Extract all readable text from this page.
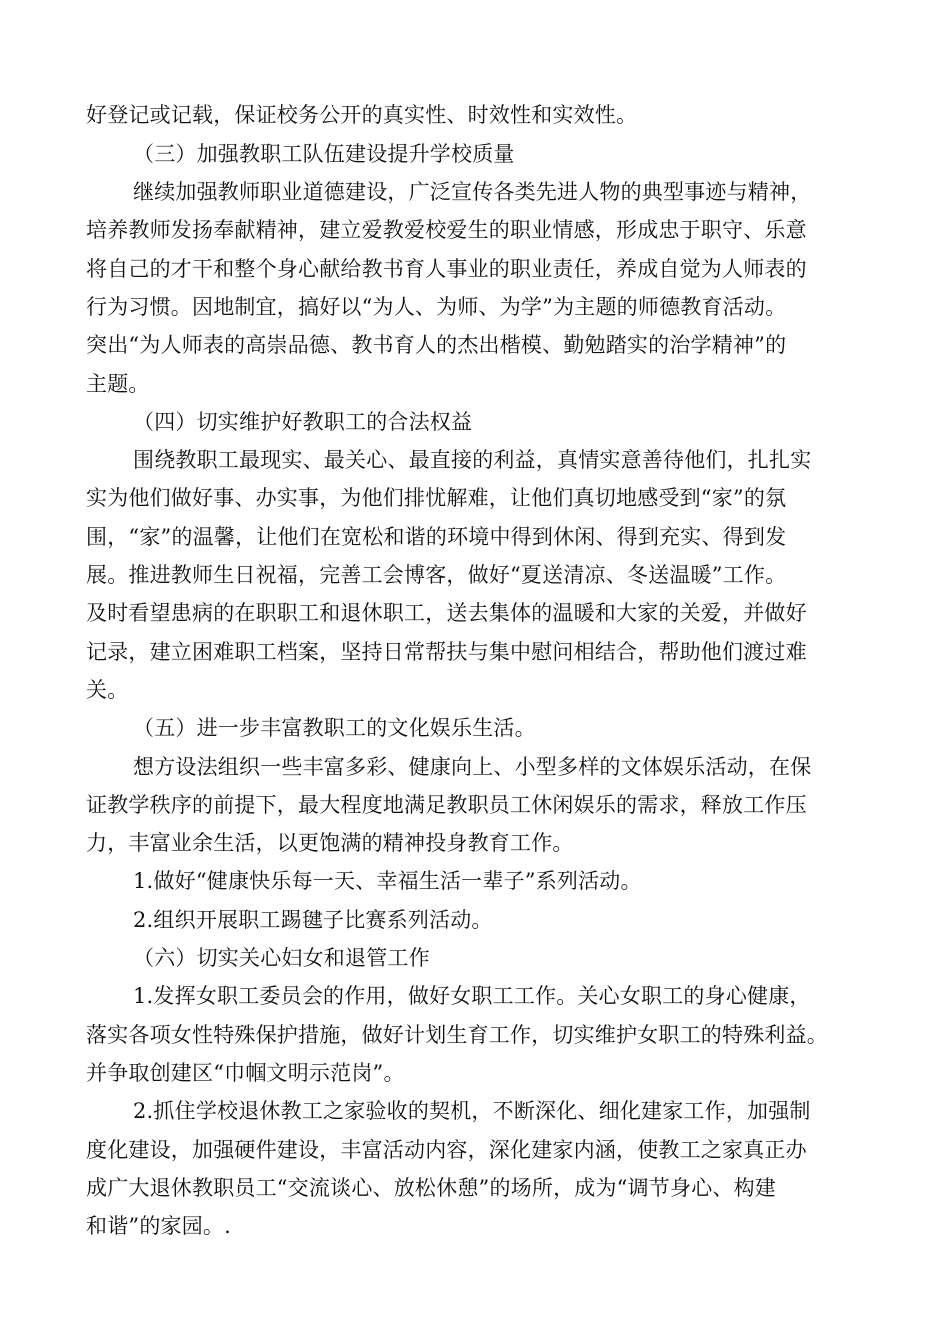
好登记或记载，保证校务公开的真实性、时效性和实效性。
（三）加强教职工队伍建设提升学校质量
继续加强教师职业道德建设，广泛宣传各类先进人物的典型事迹与精神，
培养教师发扬奉献精神，建立爱教爱校爱生的职业情感，形成忠于职守、乐意
将自己的才干和整个身心献给教书育人事业的职业责任，养成自觉为人师表的
行为习惯。因地制宜，搞好以“为人、为师、为学”为主题的师德教育活动。
突出“为人师表的高崇品德、教书育人的杰出楷模、勤勉踏实的治学精神”的
主题。
（四）切实维护好教职工的合法权益
围绕教职工最现实、最关心、最直接的利益，真情实意善待他们，扎扎实
实为他们做好事、办实事，为他们排忧解难，让他们真切地感受到“家”的氛
围，“家”的温馨，让他们在宽松和谐的环境中得到休闲、得到充实、得到发
展。推进教师生日祝福，完善工会博客，做好“夏送清凉、冬送温暖”工作。
及时看望患病的在职职工和退休职工，送去集体的温暖和大家的关爱，并做好
记录，建立困难职工档案，坚持日常帮扶与集中慰问相结合，帮助他们渡过难
关。
（五）进一步丰富教职工的文化娱乐生活。
想方设法组织一些丰富多彩、健康向上、小型多样的文体娱乐活动，在保
证教学秩序的前提下，最大程度地满足教职员工休闲娱乐的需求，释放工作压
力，丰富业余生活，以更饱满的精神投身教育工作。
1.做好“健康快乐每一天、幸福生活一辈子”系列活动。
2.组织开展职工踢毽子比赛系列活动。
（六）切实关心妇女和退管工作
1.发挥女职工委员会的作用，做好女职工工作。关心女职工的身心健康，
落实各项女性特殊保护措施，做好计划生育工作，切实维护女职工的特殊利益。
并争取创建区“巾帼文明示范岗”。
2.抓住学校退休教工之家验收的契机，不断深化、细化建家工作，加强制
度化建设，加强硬件建设，丰富活动内容，深化建家内涵，使教工之家真正办
成广大退休教职员工“交流谈心、放松休憩”的场所，成为“调节身心、构建
和谐”的家园。.
